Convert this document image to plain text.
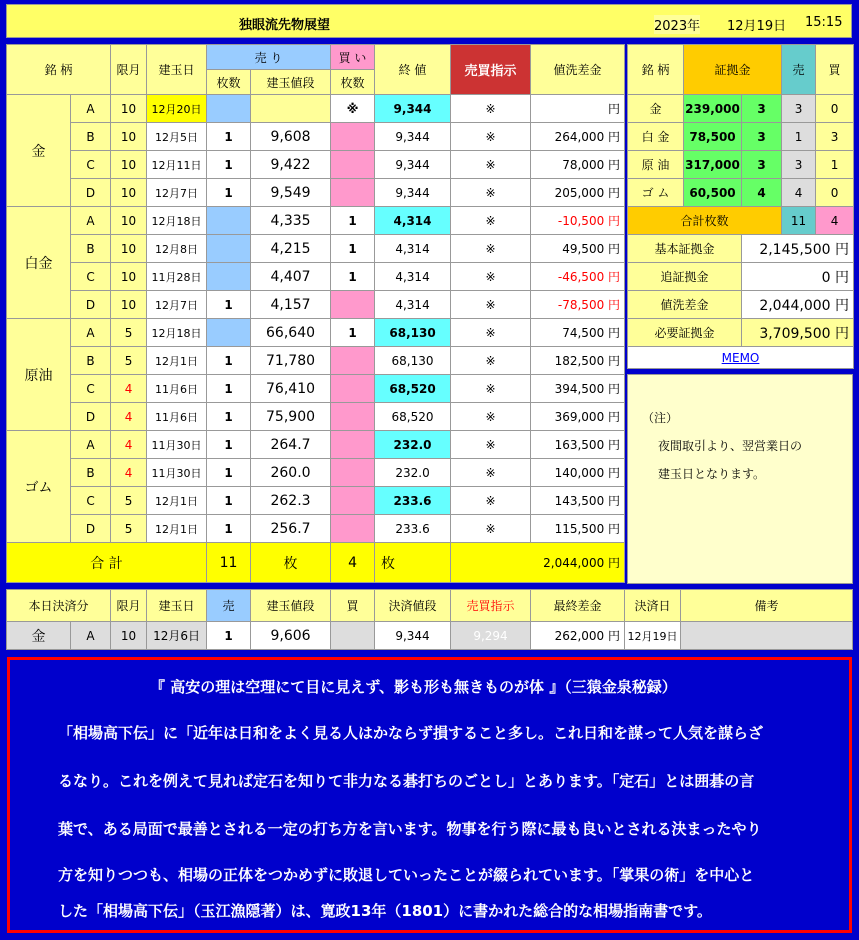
独眼流先物展望	2023年 12月19日 15:15
銘 柄		限月	建玉日	売 り		買 い	終 値	売買指示	値洗差金
				枚数	建玉値段	枚数			
金	A	10	12月20日			※	9,344	※	円
	B	10	12月5日	1	9,608		9,344	※	264,000 円
	C	10	12月11日	1	9,422		9,344	※	78,000 円
	D	10	12月7日	1	9,549		9,344	※	205,000 円
白金	A	10	12月18日		4,335	1	4,314	※	-10,500 円
	B	10	12月8日		4,215	1	4,314	※	49,500 円
	C	10	11月28日		4,407	1	4,314	※	-46,500 円
	D	10	12月7日	1	4,157		4,314	※	-78,500 円
原油	A	5	12月18日		66,640	1	68,130	※	74,500 円
	B	5	12月1日	1	71,780		68,130	※	182,500 円
	C	4	11月6日	1	76,410		68,520	※	394,500 円
	D	4	11月6日	1	75,900		68,520	※	369,000 円
ゴム	A	4	11月30日	1	264.7		232.0	※	163,500 円
	B	4	11月30日	1	260.0		232.0	※	140,000 円
	C	5	12月1日	1	262.3		233.6	※	143,500 円
	D	5	12月1日	1	256.7		233.6	※	115,500 円
合 計				11	枚	4	枚	2,044,000 円	
銘 柄	証拠金		売	買
金	239,000	3	3	0
白 金	78,500	3	1	3
原 油	317,000	3	3	1
ゴ ム	60,500	4	4	0
合計枚数			11	4
基本証拠金		2,145,500 円		
追証拠金		0 円		
値洗差金		2,044,000 円		
必要証拠金		3,709,500 円		
MEMO				
（注）
夜間取引より、翌営業日の
建玉日となります。
本日決済分		限月	建玉日	売	建玉値段	買	決済値段	売買指示	最終差金	決済日	備考
金	A	10	12月6日	1	9,606		9,344	9,294	262,000 円	12月19日	
『 高安の理は空理にて目に見えず、影も形も無きものが体 』（三猿金泉秘録）
「相場高下伝」に「近年は日和をよく見る人はかならず損すること多し。これ日和を謀って人気を謀らざ
るなり。これを例えて見れば定石を知りて非力なる碁打ちのごとし」とあります。「定石」とは囲碁の言
葉で、ある局面で最善とされる一定の打ち方を言います。物事を行う際に最も良いとされる決まったやり
方を知りつつも、相場の正体をつかめずに敗退していったことが綴られています。「掌果の術」を中心と
した「相場高下伝」（玉江漁隠著）は、寛政13年（1801）に書かれた総合的な相場指南書です。
